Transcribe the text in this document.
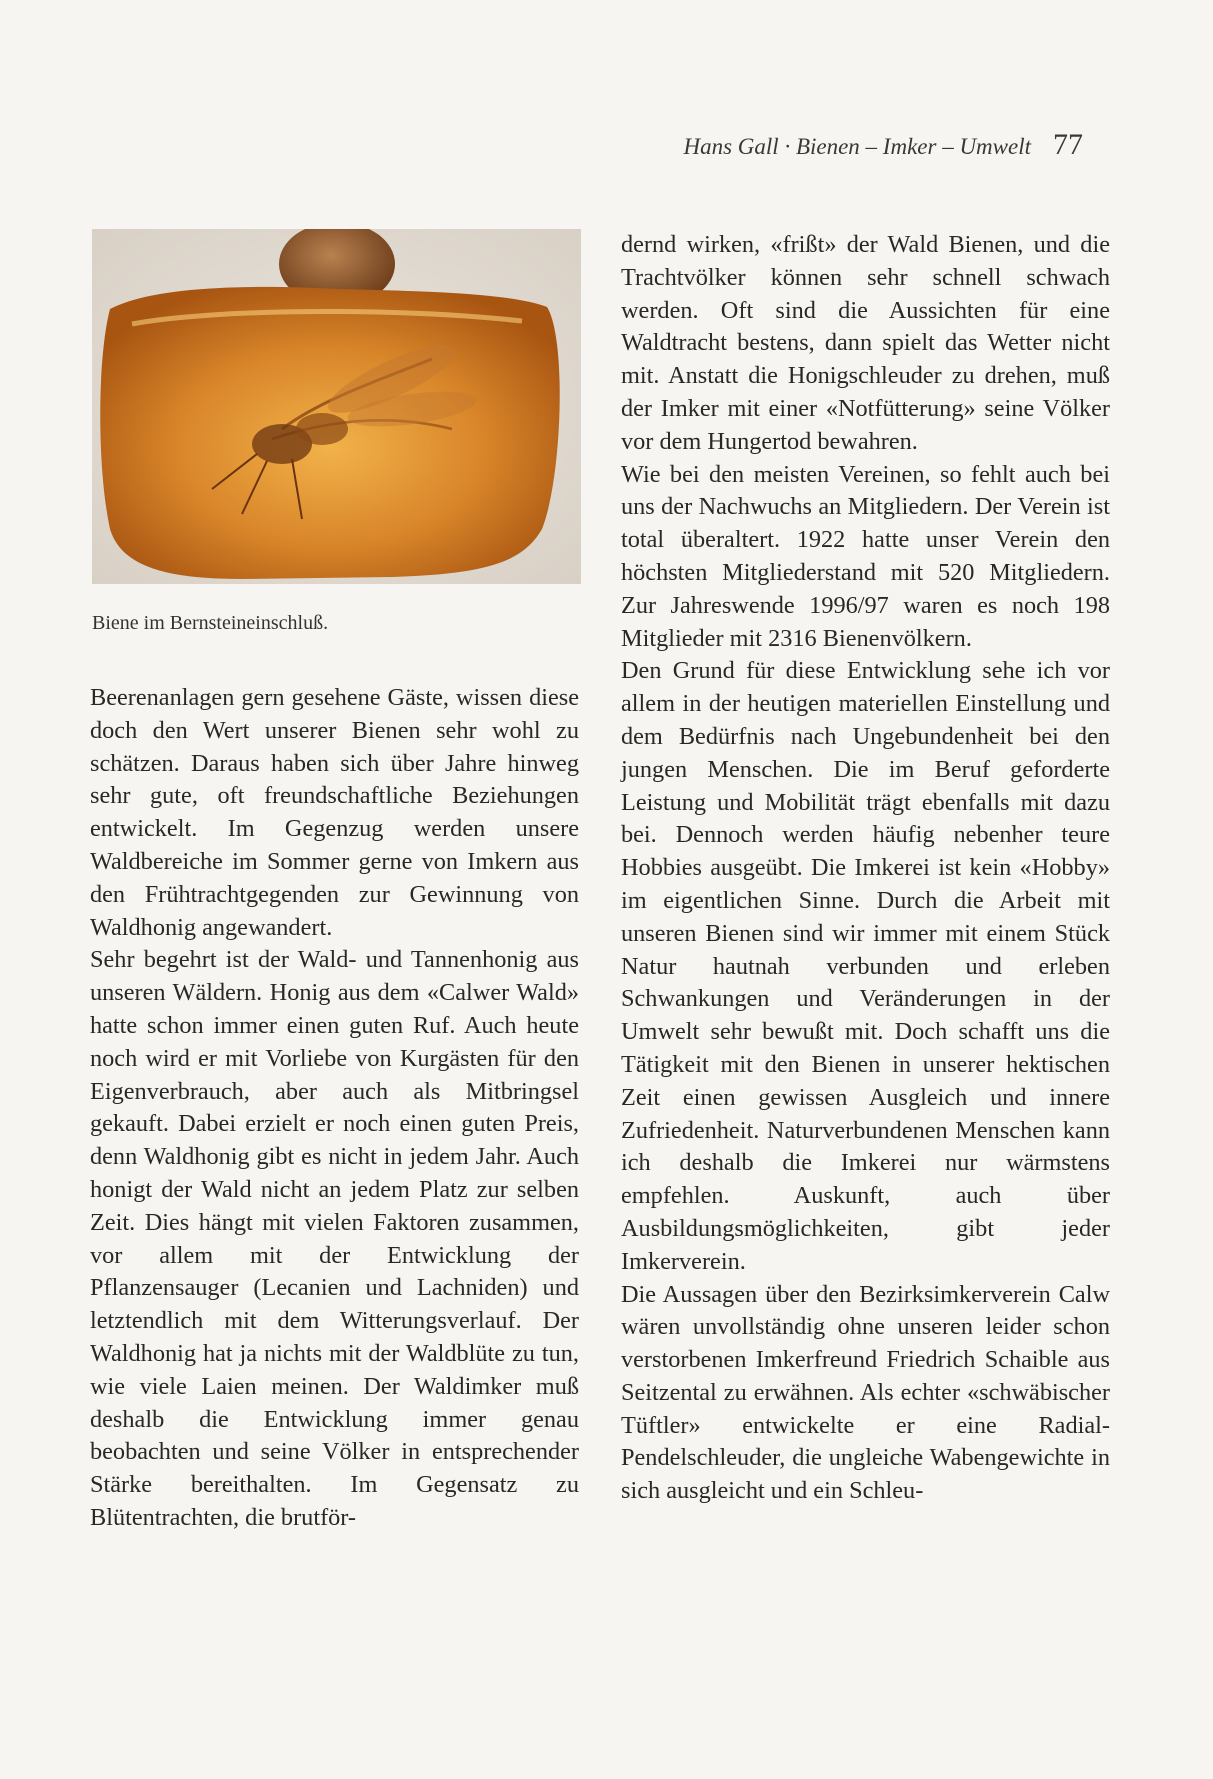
Hans Gall · Bienen – Imker – Umwelt 77
Biene im Bernsteineinschluß.

Beerenanlagen gern gesehene Gäste, wissen diese doch den Wert unserer Bienen sehr wohl zu schätzen. Daraus haben sich über Jahre hinweg sehr gute, oft freundschaftliche Beziehungen entwickelt. Im Gegenzug werden unsere Waldbereiche im Sommer gerne von Imkern aus den Frühtrachtgegenden zur Gewinnung von Waldhonig angewandert.

Sehr begehrt ist der Wald- und Tannenhonig aus unseren Wäldern. Honig aus dem «Calwer Wald» hatte schon immer einen guten Ruf. Auch heute noch wird er mit Vorliebe von Kurgästen für den Eigenverbrauch, aber auch als Mitbringsel gekauft. Dabei erzielt er noch einen guten Preis, denn Waldhonig gibt es nicht in jedem Jahr. Auch honigt der Wald nicht an jedem Platz zur selben Zeit. Dies hängt mit vielen Faktoren zusammen, vor allem mit der Entwicklung der Pflanzensauger (Lecanien und Lachniden) und letztendlich mit dem Witterungsverlauf. Der Waldhonig hat ja nichts mit der Waldblüte zu tun, wie viele Laien meinen. Der Waldimker muß deshalb die Entwicklung immer genau beobachten und seine Völker in entsprechender Stärke bereithalten. Im Gegensatz zu Blütentrachten, die brutför-

dernd wirken, «frißt» der Wald Bienen, und die Trachtvölker können sehr schnell schwach werden. Oft sind die Aussichten für eine Waldtracht bestens, dann spielt das Wetter nicht mit. Anstatt die Honigschleuder zu drehen, muß der Imker mit einer «Notfütterung» seine Völker vor dem Hungertod bewahren.

Wie bei den meisten Vereinen, so fehlt auch bei uns der Nachwuchs an Mitgliedern. Der Verein ist total überaltert. 1922 hatte unser Verein den höchsten Mitgliederstand mit 520 Mitgliedern. Zur Jahreswende 1996/97 waren es noch 198 Mitglieder mit 2316 Bienenvölkern.

Den Grund für diese Entwicklung sehe ich vor allem in der heutigen materiellen Einstellung und dem Bedürfnis nach Ungebundenheit bei den jungen Menschen. Die im Beruf geforderte Leistung und Mobilität trägt ebenfalls mit dazu bei. Dennoch werden häufig nebenher teure Hobbies ausgeübt. Die Imkerei ist kein «Hobby» im eigentlichen Sinne. Durch die Arbeit mit unseren Bienen sind wir immer mit einem Stück Natur hautnah verbunden und erleben Schwankungen und Veränderungen in der Umwelt sehr bewußt mit. Doch schafft uns die Tätigkeit mit den Bienen in unserer hektischen Zeit einen gewissen Ausgleich und innere Zufriedenheit. Naturverbundenen Menschen kann ich deshalb die Imkerei nur wärmstens empfehlen. Auskunft, auch über Ausbildungsmöglichkeiten, gibt jeder Imkerverein.

Die Aussagen über den Bezirksimkerverein Calw wären unvollständig ohne unseren leider schon verstorbenen Imkerfreund Friedrich Schaible aus Seitzental zu erwähnen. Als echter «schwäbischer Tüftler» entwickelte er eine Radial-Pendelschleuder, die ungleiche Wabengewichte in sich ausgleicht und ein Schleu-
